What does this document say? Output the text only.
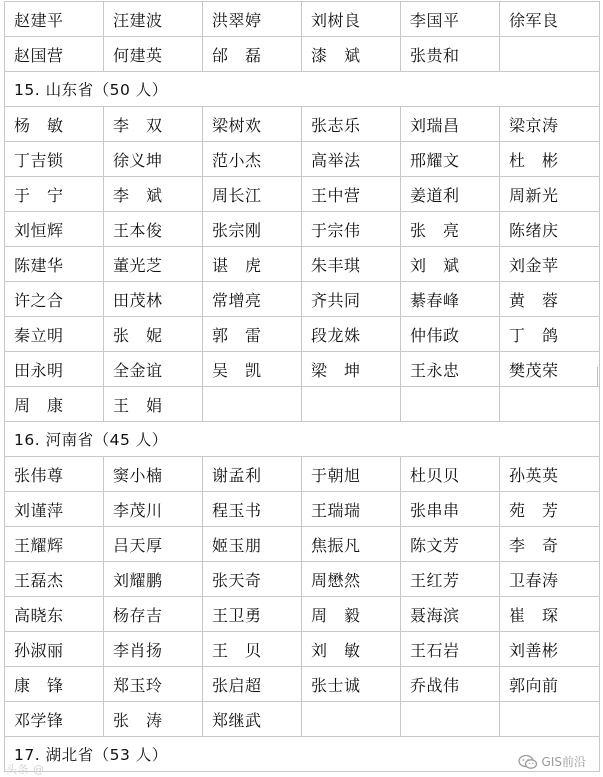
赵建平	汪建波	洪翠婷	刘树良	李国平	徐军良
赵国营	何建英	邰　磊	漆　斌	张贵和	
15. 山东省（50 人）					
杨　敏	李　双	梁树欢	张志乐	刘瑞昌	梁京涛
丁吉锁	徐义坤	范小杰	高举法	邢耀文	杜　彬
于　宁	李　斌	周长江	王中营	姜道利	周新光
刘恒辉	王本俊	张宗刚	于宗伟	张　亮	陈绪庆
陈建华	董光芝	谌　虎	朱丰琪	刘　斌	刘金苹
许之合	田茂林	常增亮	齐共同	綦春峰	黄　蓉
秦立明	张　妮	郭　雷	段龙姝	仲伟政	丁　鸽
田永明	全金谊	吴　凯	梁　坤	王永忠	樊茂荣
周　康	王　娟				
16. 河南省（45 人）					
张伟尊	窦小楠	谢孟利	于朝旭	杜贝贝	孙英英
刘谨萍	李茂川	程玉书	王瑞瑞	张串串	苑　芳
王耀辉	吕天厚	姬玉朋	焦振凡	陈文芳	李　奇
王磊杰	刘耀鹏	张天奇	周懋然	王红芳	卫春涛
高晓东	杨存吉	王卫勇	周　毅	聂海滨	崔　琛
孙淑丽	李肖扬	王　贝	刘　敏	王石岩	刘善彬
康　锋	郑玉玲	张启超	张士诚	乔战伟	郭向前
邓学锋	张　涛	郑继武			
17. 湖北省（53 人）					
头条 @
GIS前沿
